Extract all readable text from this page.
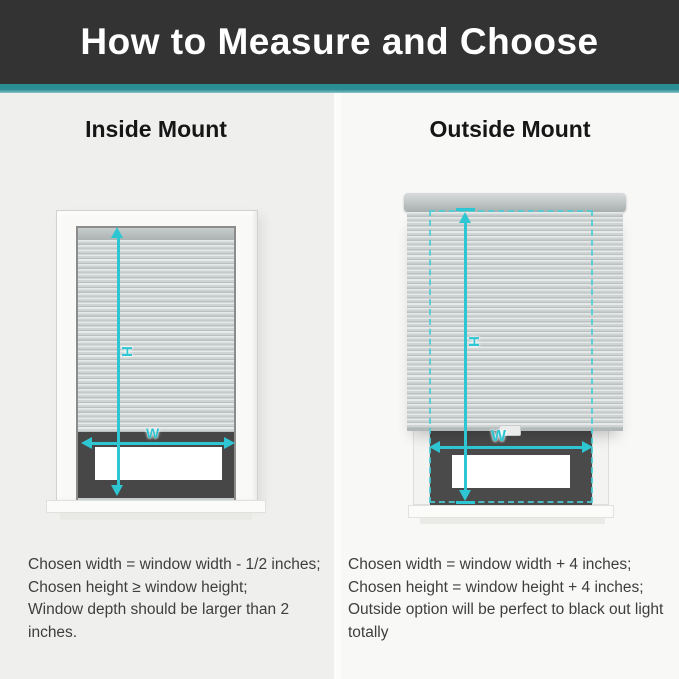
How to Measure and Choose
Inside Mount	Outside Mount
H
W
H
W
Chosen width = window width - 1/2 inches;
Chosen height ≥ window height;
Window depth should be larger than 2 inches.
Chosen width = window width + 4 inches;
Chosen height = window height + 4 inches;
Outside option will be perfect to black out light totally
